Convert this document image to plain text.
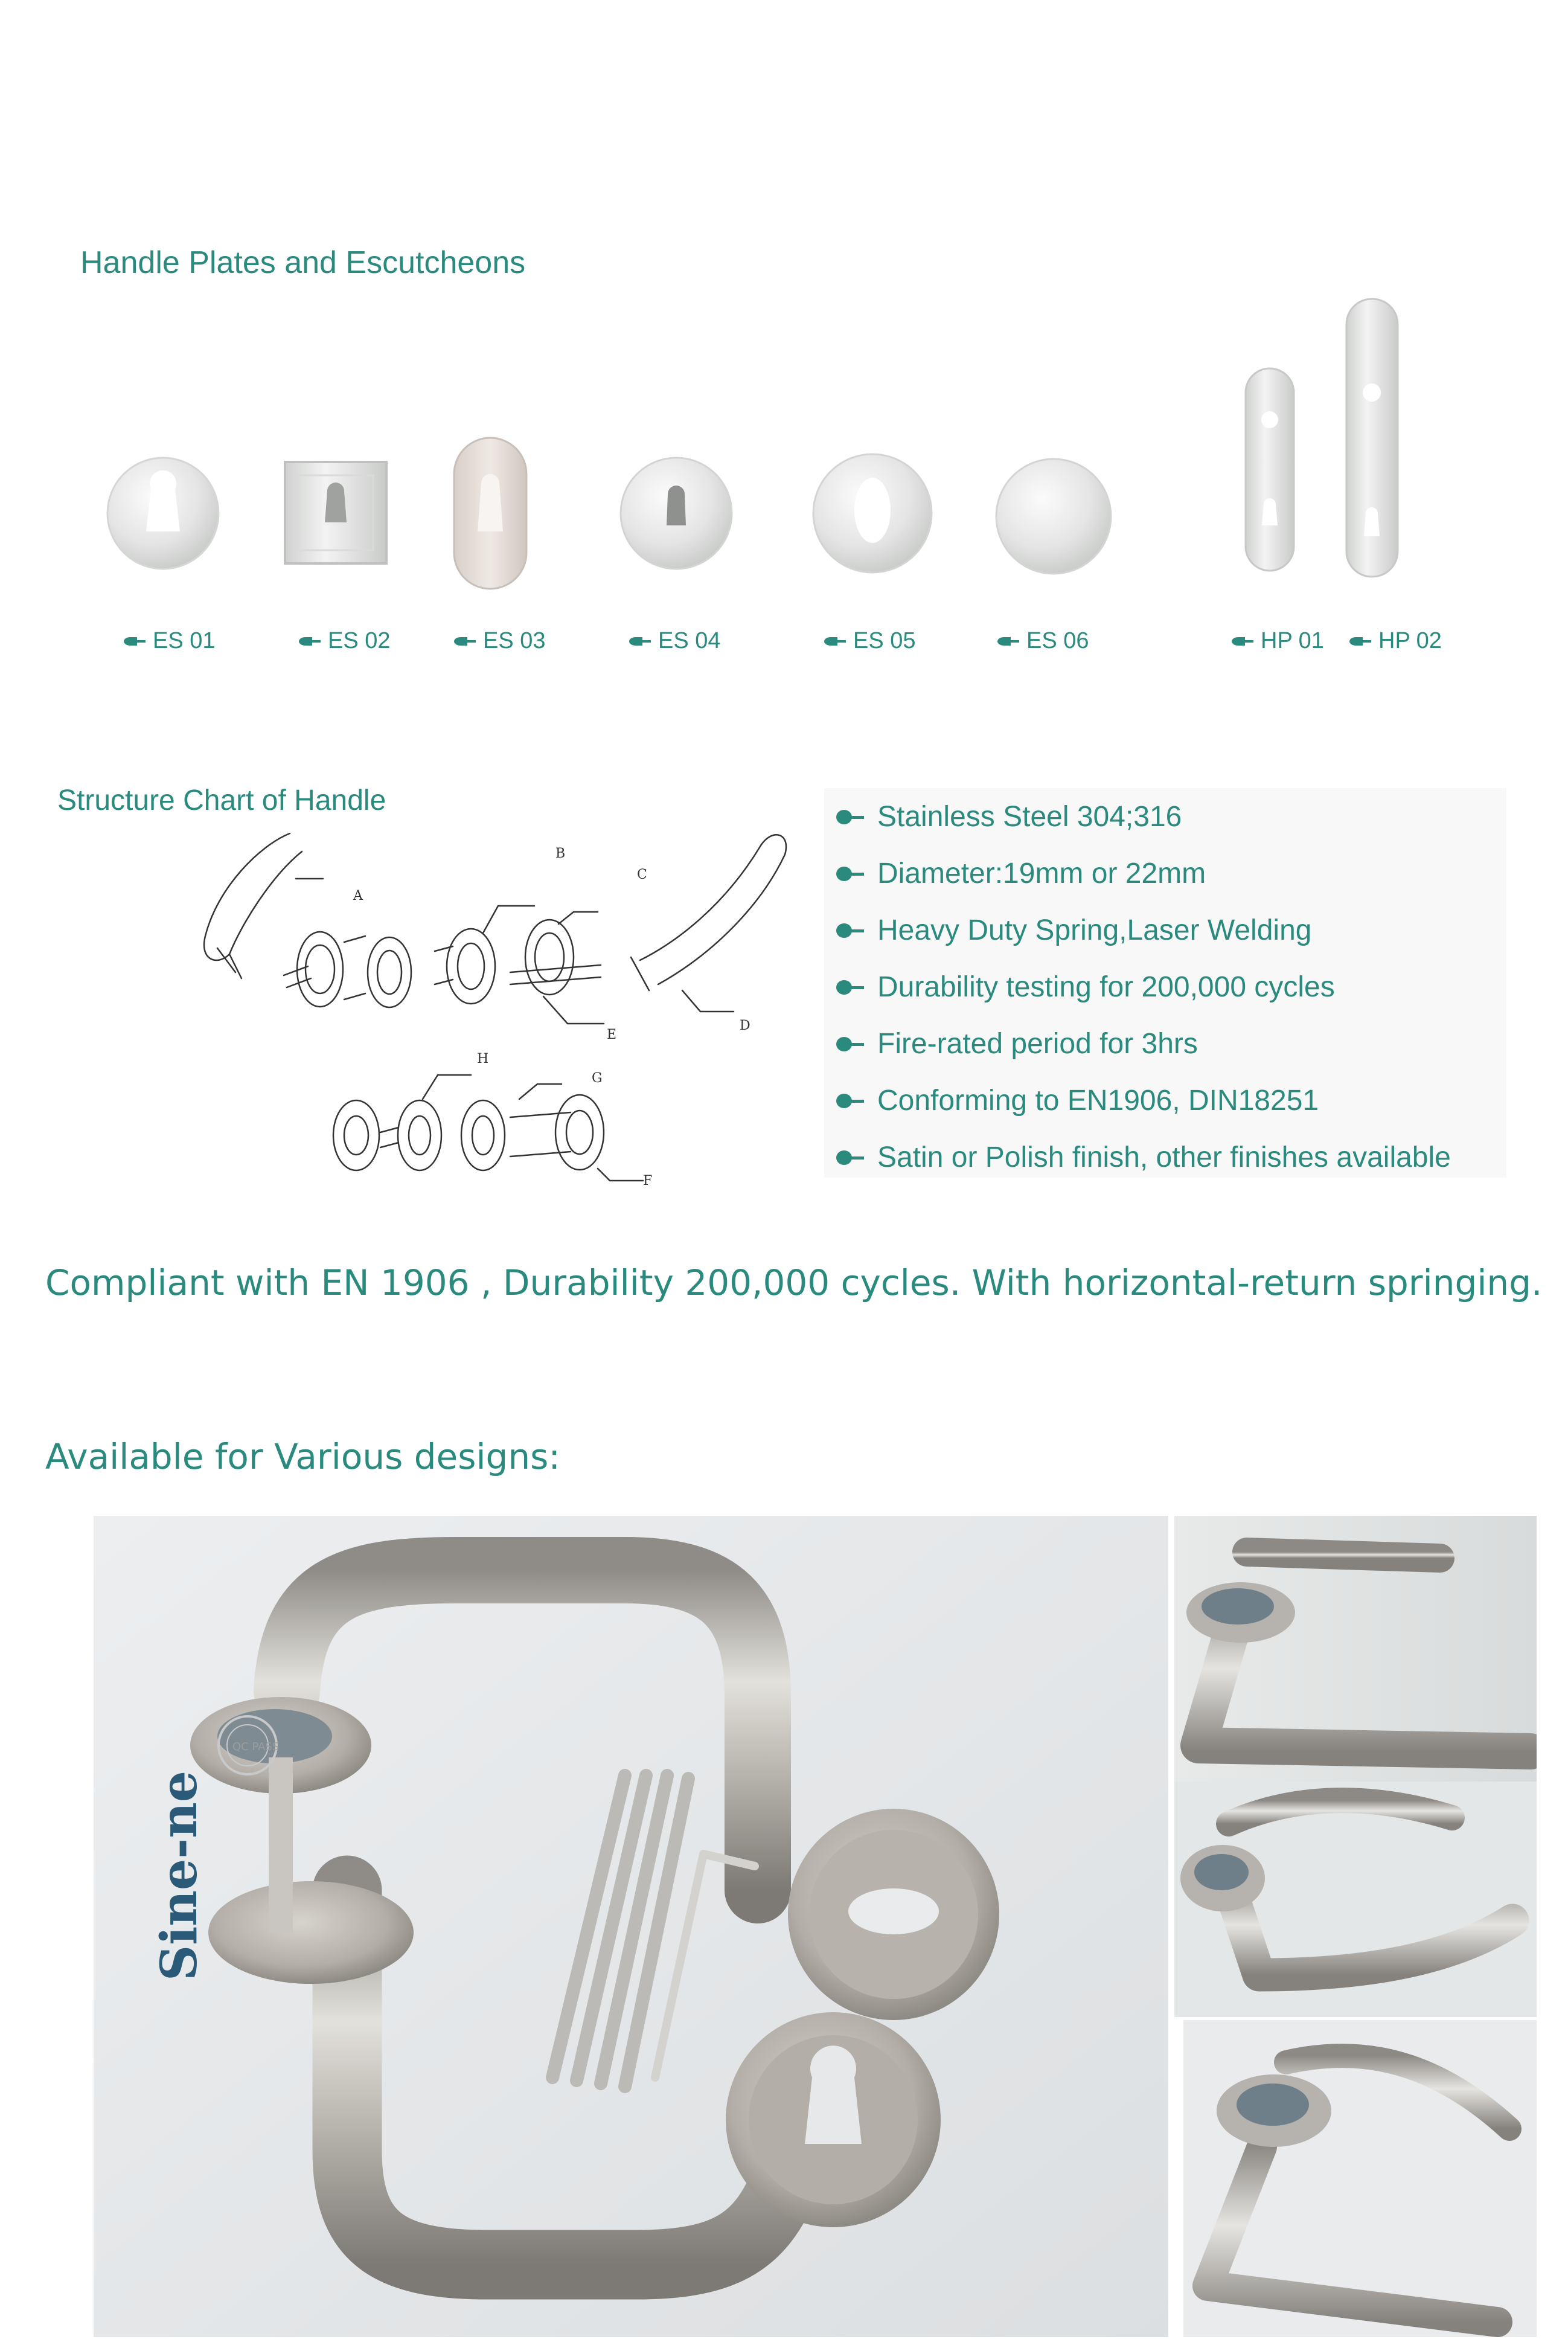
Handle Plates and Escutcheons
ES 01	ES 02	ES 03	ES 04	ES 05	ES 06	HP 01 HP 02
Structure Chart of Handle
A
B
C
D
E
F
G
H
Stainless Steel 304;316
Diameter:19mm or 22mm
Heavy Duty Spring,Laser Welding
Durability testing for 200,000 cycles
Fire-rated period for 3hrs
Conforming to EN1906, DIN18251
Satin or Polish finish, other finishes available
Compliant with EN 1906 , Durability 200,000 cycles. With horizontal-return springing.
Available for Various designs:
Sine-ne
QC PASS
